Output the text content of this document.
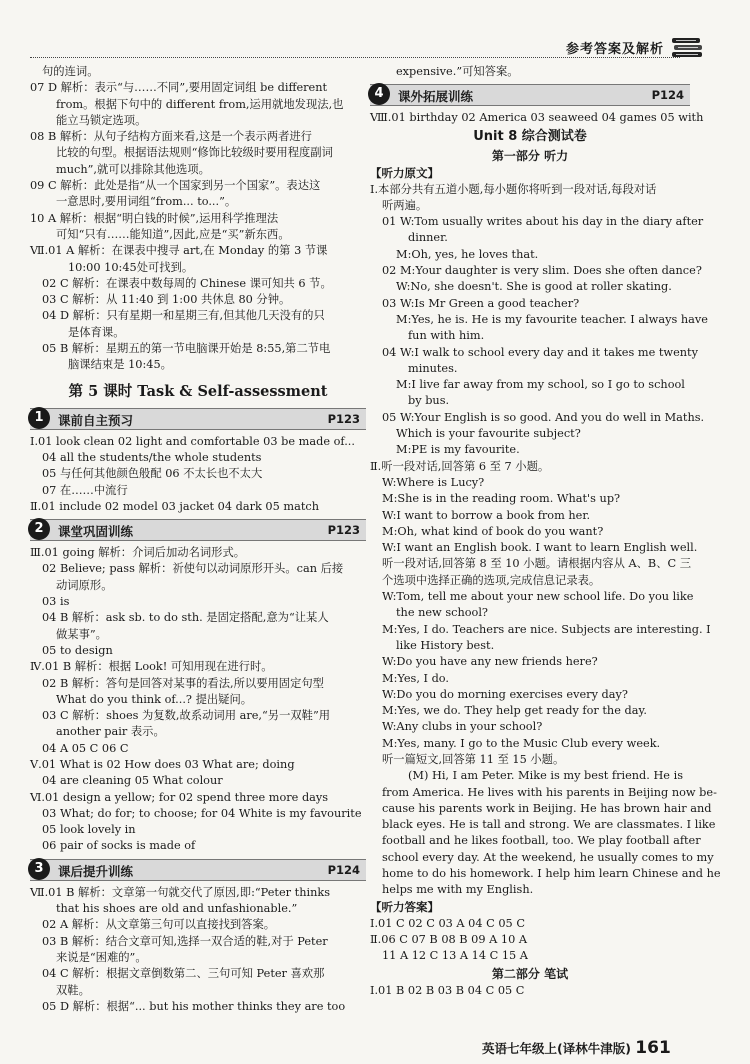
参考答案及解析
句的连词。
07 D 解析：表示“与……不同”,要用固定词组 be different
from。根据下句中的 different from,运用就地发现法,也
能立马锁定选项。
08 B 解析：从句子结构方面来看,这是一个表示两者进行
比较的句型。根据语法规则“修饰比较级时要用程度副词
much”,就可以排除其他选项。
09 C 解析：此处是指“从一个国家到另一个国家”。表达这
一意思时,要用词组“from... to...”。
10 A 解析：根据“明白钱的时候”,运用科学推理法
可知“只有……能知道”,因此,应是“买”新东西。
Ⅶ.01 A 解析：在课表中搜寻 art,在 Monday 的第 3 节课
10:00 10:45处可找到。
02 C 解析：在课表中数每周的 Chinese 课可知共 6 节。
03 C 解析：从 11:40 到 1:00 共休息 80 分钟。
04 D 解析：只有星期一和星期三有,但其他几天没有的只
是体育课。
05 B 解析：星期五的第一节电脑课开始是 8:55,第二节电
脑课结束是 10:45。
第 5 课时 Task & Self-assessment
1	课前自主预习	P123
Ⅰ.01 look clean 02 light and comfortable 03 be made of...
04 all the students/the whole students
05 与任何其他颜色般配 06 不太长也不太大
07 在……中流行
Ⅱ.01 include 02 model 03 jacket 04 dark 05 match
2	课堂巩固训练	P123
Ⅲ.01 going 解析：介词后加动名词形式。
02 Believe; pass 解析：祈使句以动词原形开头。can 后接
动词原形。
03 is
04 B 解析：ask sb. to do sth. 是固定搭配,意为“让某人
做某事”。
05 to design
Ⅳ.01 B 解析：根据 Look! 可知用现在进行时。
02 B 解析：答句是回答对某事的看法,所以要用固定句型
What do you think of...? 提出疑问。
03 C 解析：shoes 为复数,故系动词用 are,“另一双鞋”用
another pair 表示。
04 A 05 C 06 C
Ⅴ.01 What is 02 How does 03 What are; doing
04 are cleaning 05 What colour
Ⅵ.01 design a yellow; for 02 spend three more days
03 What; do for; to choose; for 04 White is my favourite
05 look lovely in
06 pair of socks is made of
3	课后提升训练	P124
Ⅶ.01 B 解析：文章第一句就交代了原因,即:“Peter thinks
that his shoes are old and unfashionable.”
02 A 解析：从文章第三句可以直接找到答案。
03 B 解析：结合文章可知,选择一双合适的鞋,对于 Peter
来说是“困难的”。
04 C 解析：根据文章倒数第二、三句可知 Peter 喜欢那
双鞋。
05 D 解析：根据“... but his mother thinks they are too
expensive.”可知答案。
4	课外拓展训练	P124
Ⅷ.01 birthday 02 America 03 seaweed 04 games 05 with
Unit 8 综合测试卷
第一部分 听力
【听力原文】
Ⅰ.本部分共有五道小题,每小题你将听到一段对话,每段对话
听两遍。
01 W:Tom usually writes about his day in the diary after
dinner.
M:Oh, yes, he loves that.
02 M:Your daughter is very slim. Does she often dance?
W:No, she doesn't. She is good at roller skating.
03 W:Is Mr Green a good teacher?
M:Yes, he is. He is my favourite teacher. I always have
fun with him.
04 W:I walk to school every day and it takes me twenty
minutes.
M:I live far away from my school, so I go to school
by bus.
05 W:Your English is so good. And you do well in Maths.
Which is your favourite subject?
M:PE is my favourite.
Ⅱ.听一段对话,回答第 6 至 7 小题。
W:Where is Lucy?
M:She is in the reading room. What's up?
W:I want to borrow a book from her.
M:Oh, what kind of book do you want?
W:I want an English book. I want to learn English well.
听一段对话,回答第 8 至 10 小题。请根据内容从 A、B、C 三
个选项中选择正确的选项,完成信息记录表。
W:Tom, tell me about your new school life. Do you like
the new school?
M:Yes, I do. Teachers are nice. Subjects are interesting. I
like History best.
W:Do you have any new friends here?
M:Yes, I do.
W:Do you do morning exercises every day?
M:Yes, we do. They help get ready for the day.
W:Any clubs in your school?
M:Yes, many. I go to the Music Club every week.
听一篇短文,回答第 11 至 15 小题。
(M) Hi, I am Peter. Mike is my best friend. He is
from America. He lives with his parents in Beijing now be-
cause his parents work in Beijing. He has brown hair and
black eyes. He is tall and strong. We are classmates. I like
football and he likes football, too. We play football after
school every day. At the weekend, he usually comes to my
home to do his homework. I help him learn Chinese and he
helps me with my English.
【听力答案】
Ⅰ.01 C 02 C 03 A 04 C 05 C
Ⅱ.06 C 07 B 08 B 09 A 10 A
11 A 12 C 13 A 14 C 15 A
第二部分 笔试
Ⅰ.01 B 02 B 03 B 04 C 05 C
英语七年级上(译林牛津版) 161
